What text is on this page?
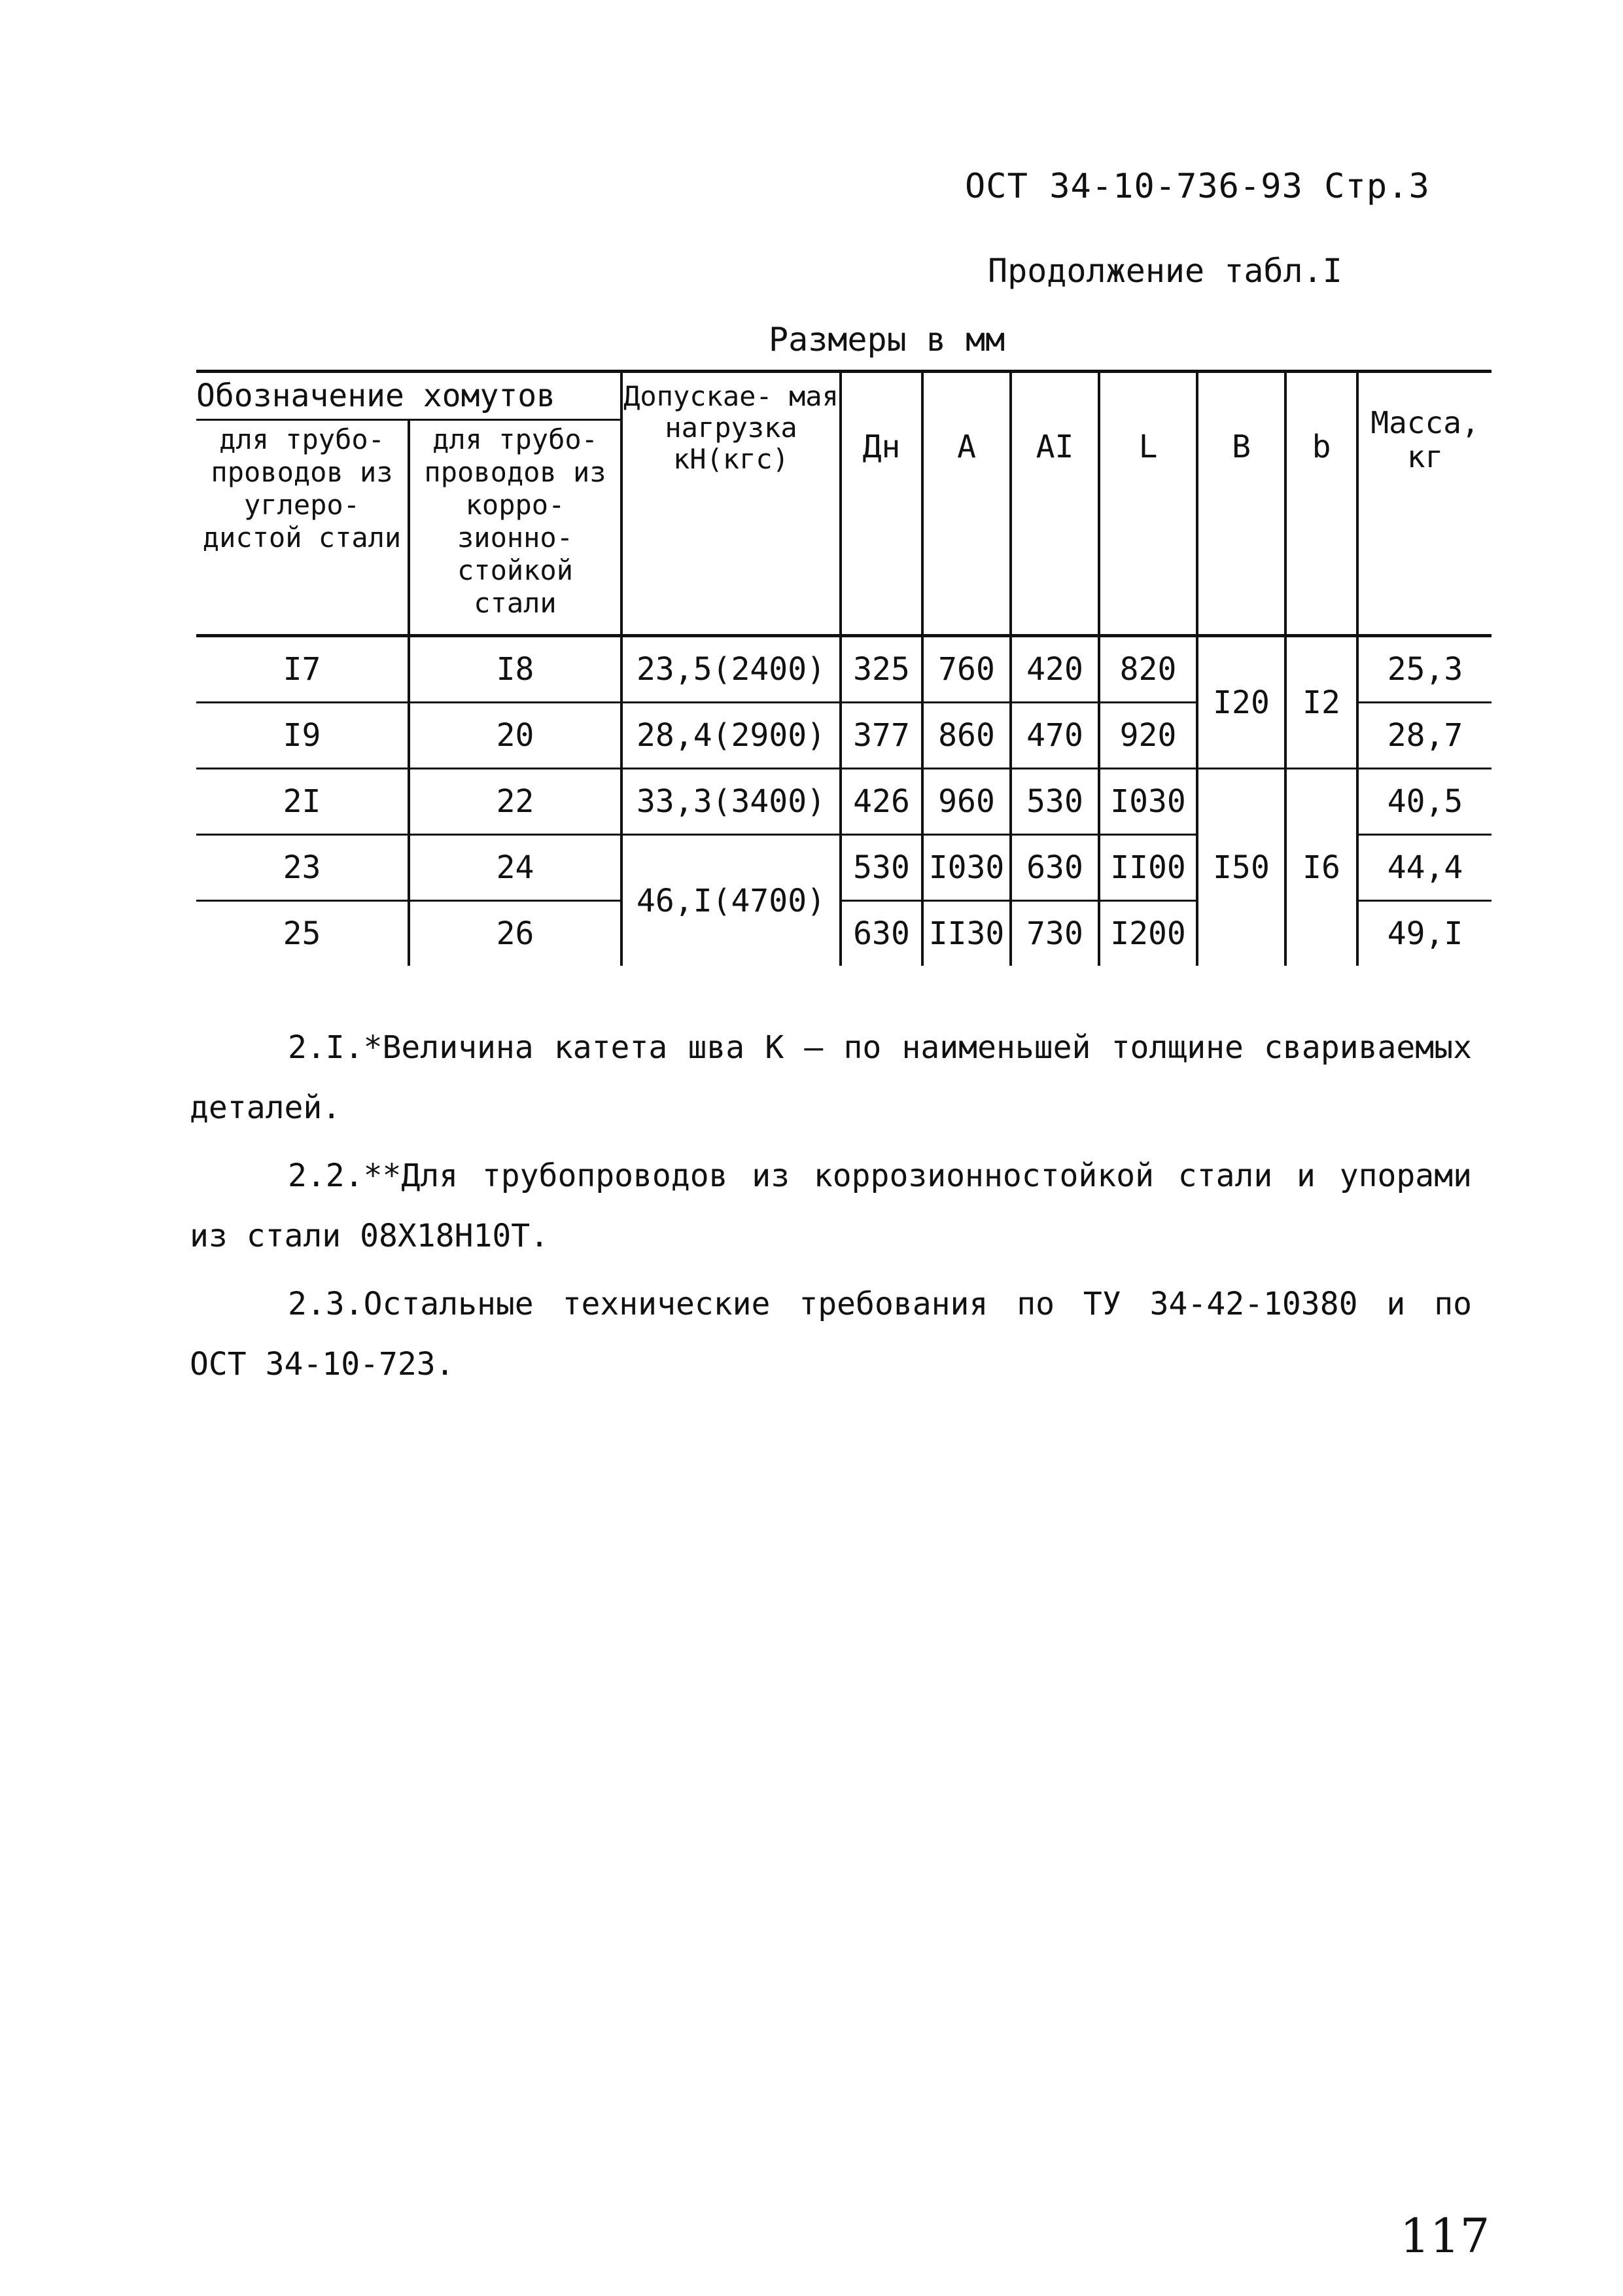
ОСТ 34-10-736-93 Стр.3
Продолжение табл.I
Размеры в мм
Обозначение хомутов		Допускае- мая нагрузка кН(кгс)	Дн	A	AI	L	B	b	Масса, кг
для трубо- проводов из углеро- дистой стали	для трубо- проводов из корро- зионно- стойкой стали								
I7	I8	23,5(2400)	325	760	420	820	I20	I2	25,3
I9	20	28,4(2900)	377	860	470	920			28,7
2I	22	33,3(3400)	426	960	530	I030	I50	I6	40,5
23	24	46,I(4700)	530	I030	630	II00			44,4
25	26		630	II30	730	I200			49,I

2.I.*Величина катета шва К – по наименьшей толщине свариваемых деталей.

2.2.**Для трубопроводов из коррозионностойкой стали и упорами из стали 08Х18Н10Т.

2.3.Остальные технические требования по ТУ 34-42-10380 и по ОСТ 34-10-723.

117
